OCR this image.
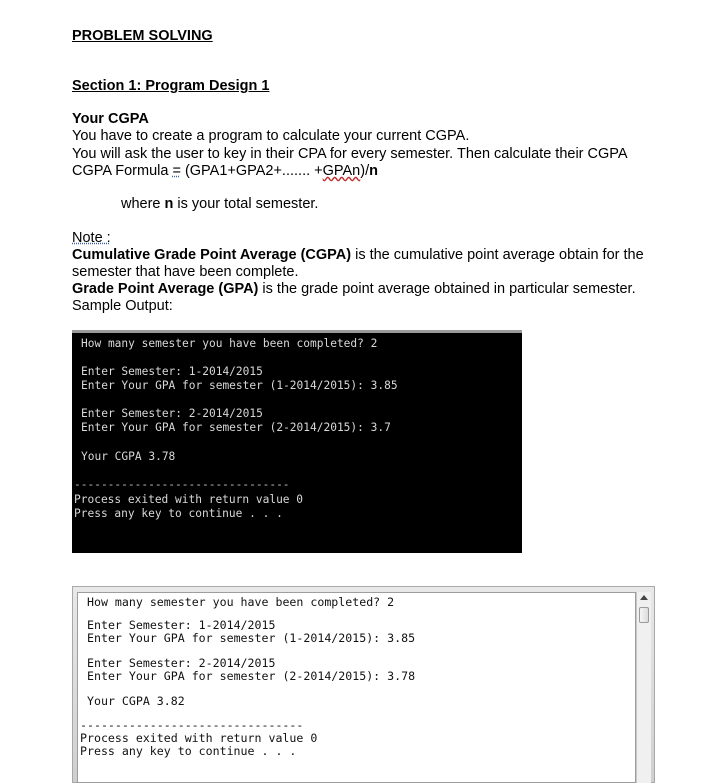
PROBLEM SOLVING
Section 1: Program Design 1
Your CGPA
You have to create a program to calculate your current CGPA.
You will ask the user to key in their CPA for every semester. Then calculate their CGPA
CGPA Formula = (GPA1+GPA2+....... +GPAn)/n
where n is your total semester.
Note :
Cumulative Grade Point Average (CGPA) is the cumulative point average obtain for the
semester that have been complete.
Grade Point Average (GPA) is the grade point average obtained in particular semester.
Sample Output:
How many semester you have been completed? 2
Enter Semester: 1-2014/2015
Enter Your GPA for semester (1-2014/2015): 3.85
Enter Semester: 2-2014/2015
Enter Your GPA for semester (2-2014/2015): 3.7
Your CGPA 3.78
--------------------------------
Process exited with return value 0
Press any key to continue . . .
How many semester you have been completed? 2
Enter Semester: 1-2014/2015
Enter Your GPA for semester (1-2014/2015): 3.85
Enter Semester: 2-2014/2015
Enter Your GPA for semester (2-2014/2015): 3.78
Your CGPA 3.82
--------------------------------
Process exited with return value 0
Press any key to continue . . .
